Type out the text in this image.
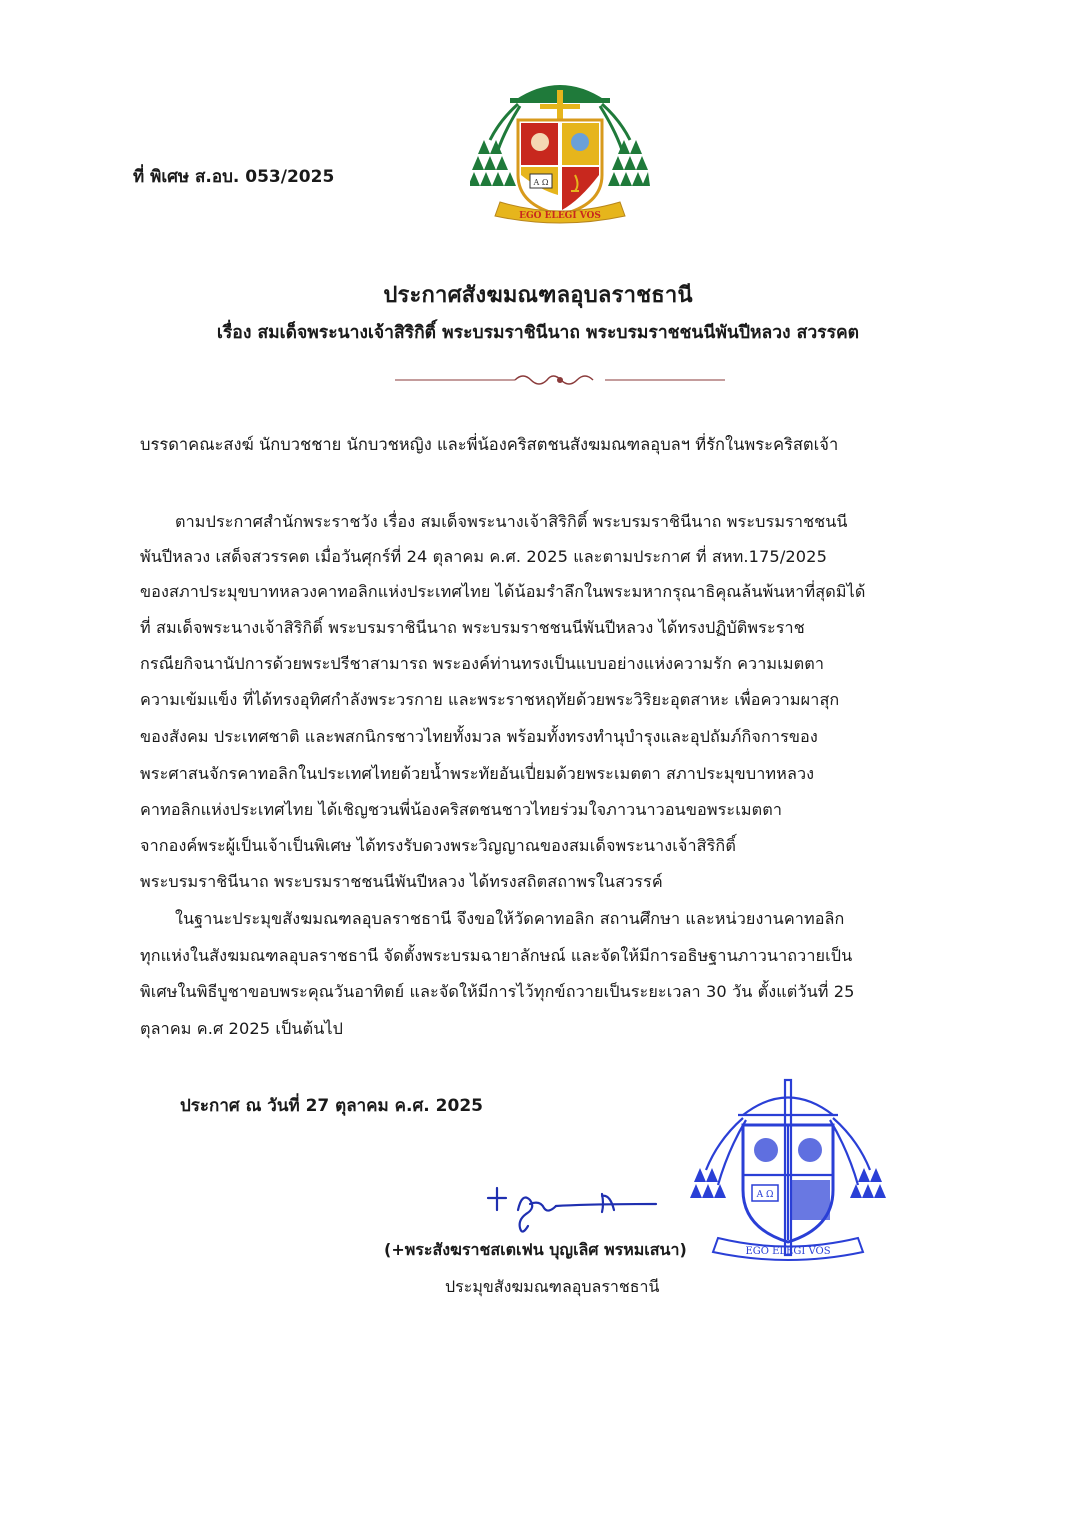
A Ω
EGO ELEGI VOS
ที่ พิเศษ ส.อบ. 053/2025
ประกาศสังฆมณฑลอุบลราชธานี
เรื่อง สมเด็จพระนางเจ้าสิริกิติ์ พระบรมราชินีนาถ พระบรมราชชนนีพันปีหลวง สวรรคต
บรรดาคณะสงฆ์ นักบวชชาย นักบวชหญิง และพี่น้องคริสตชนสังฆมณฑลอุบลฯ ที่รักในพระคริสตเจ้า
ตามประกาศสำนักพระราชวัง เรื่อง สมเด็จพระนางเจ้าสิริกิติ์ พระบรมราชินีนาถ พระบรมราชชนนี
พันปีหลวง เสด็จสวรรคต เมื่อวันศุกร์ที่ 24 ตุลาคม ค.ศ. 2025 และตามประกาศ ที่ สหท.175/2025
ของสภาประมุขบาทหลวงคาทอลิกแห่งประเทศไทย ได้น้อมรำลึกในพระมหากรุณาธิคุณล้นพ้นหาที่สุดมิได้
ที่ สมเด็จพระนางเจ้าสิริกิติ์ พระบรมราชินีนาถ พระบรมราชชนนีพันปีหลวง ได้ทรงปฏิบัติพระราช
กรณียกิจนานัปการด้วยพระปรีชาสามารถ พระองค์ท่านทรงเป็นแบบอย่างแห่งความรัก ความเมตตา
ความเข้มแข็ง ที่ได้ทรงอุทิศกำลังพระวรกาย และพระราชหฤทัยด้วยพระวิริยะอุตสาหะ เพื่อความผาสุก
ของสังคม ประเทศชาติ และพสกนิกรชาวไทยทั้งมวล พร้อมทั้งทรงทำนุบำรุงและอุปถัมภ์กิจการของ
พระศาสนจักรคาทอลิกในประเทศไทยด้วยน้ำพระทัยอันเปี่ยมด้วยพระเมตตา สภาประมุขบาทหลวง
คาทอลิกแห่งประเทศไทย ได้เชิญชวนพี่น้องคริสตชนชาวไทยร่วมใจภาวนาวอนขอพระเมตตา
จากองค์พระผู้เป็นเจ้าเป็นพิเศษ ได้ทรงรับดวงพระวิญญาณของสมเด็จพระนางเจ้าสิริกิติ์
พระบรมราชินีนาถ พระบรมราชชนนีพันปีหลวง ได้ทรงสถิตสถาพรในสวรรค์
ในฐานะประมุขสังฆมณฑลอุบลราชธานี จึงขอให้วัดคาทอลิก สถานศึกษา และหน่วยงานคาทอลิก
ทุกแห่งในสังฆมณฑลอุบลราชธานี จัดตั้งพระบรมฉายาลักษณ์ และจัดให้มีการอธิษฐานภาวนาถวายเป็น
พิเศษในพิธีบูชาขอบพระคุณวันอาทิตย์ และจัดให้มีการไว้ทุกข์ถวายเป็นระยะเวลา 30 วัน ตั้งแต่วันที่ 25
ตุลาคม ค.ศ 2025 เป็นต้นไป
ประกาศ ณ วันที่ 27 ตุลาคม ค.ศ. 2025
A Ω
EGO ELEGI VOS
(+พระสังฆราชสเตเฟน บุญเลิศ พรหมเสนา)
ประมุขสังฆมณฑลอุบลราชธานี
